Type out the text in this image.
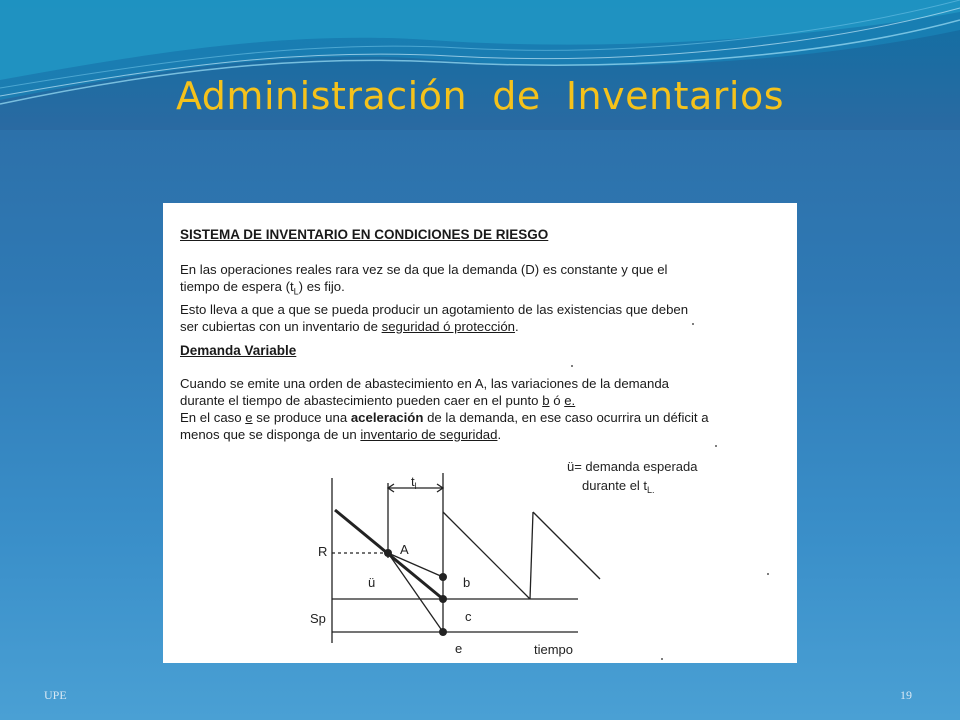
Administración  de  Inventarios
SISTEMA DE INVENTARIO EN CONDICIONES DE RIESGO

En las operaciones reales rara vez se da que la demanda (D) es constante y que el

tiempo de espera $(t_L)$ es fijo.

Esto lleva a que a que se pueda producir un agotamiento de las existencias que deben

ser cubiertas con un inventario de seguridad ó protección.

Demanda Variable

Cuando se emite una orden de abastecimiento en A, las variaciones de la demanda

durante el tiempo de abastecimiento pueden caer en el punto b ó e.

En el caso e se produce una aceleración de la demanda, en ese caso ocurrira un déficit a

menos que se disponga de un inventario de seguridad.

$t_l$
R	A
ü	b
Sp	c
e	tiempo
ü= demanda esperada
durante el $t_{L.}$
UPE	19
